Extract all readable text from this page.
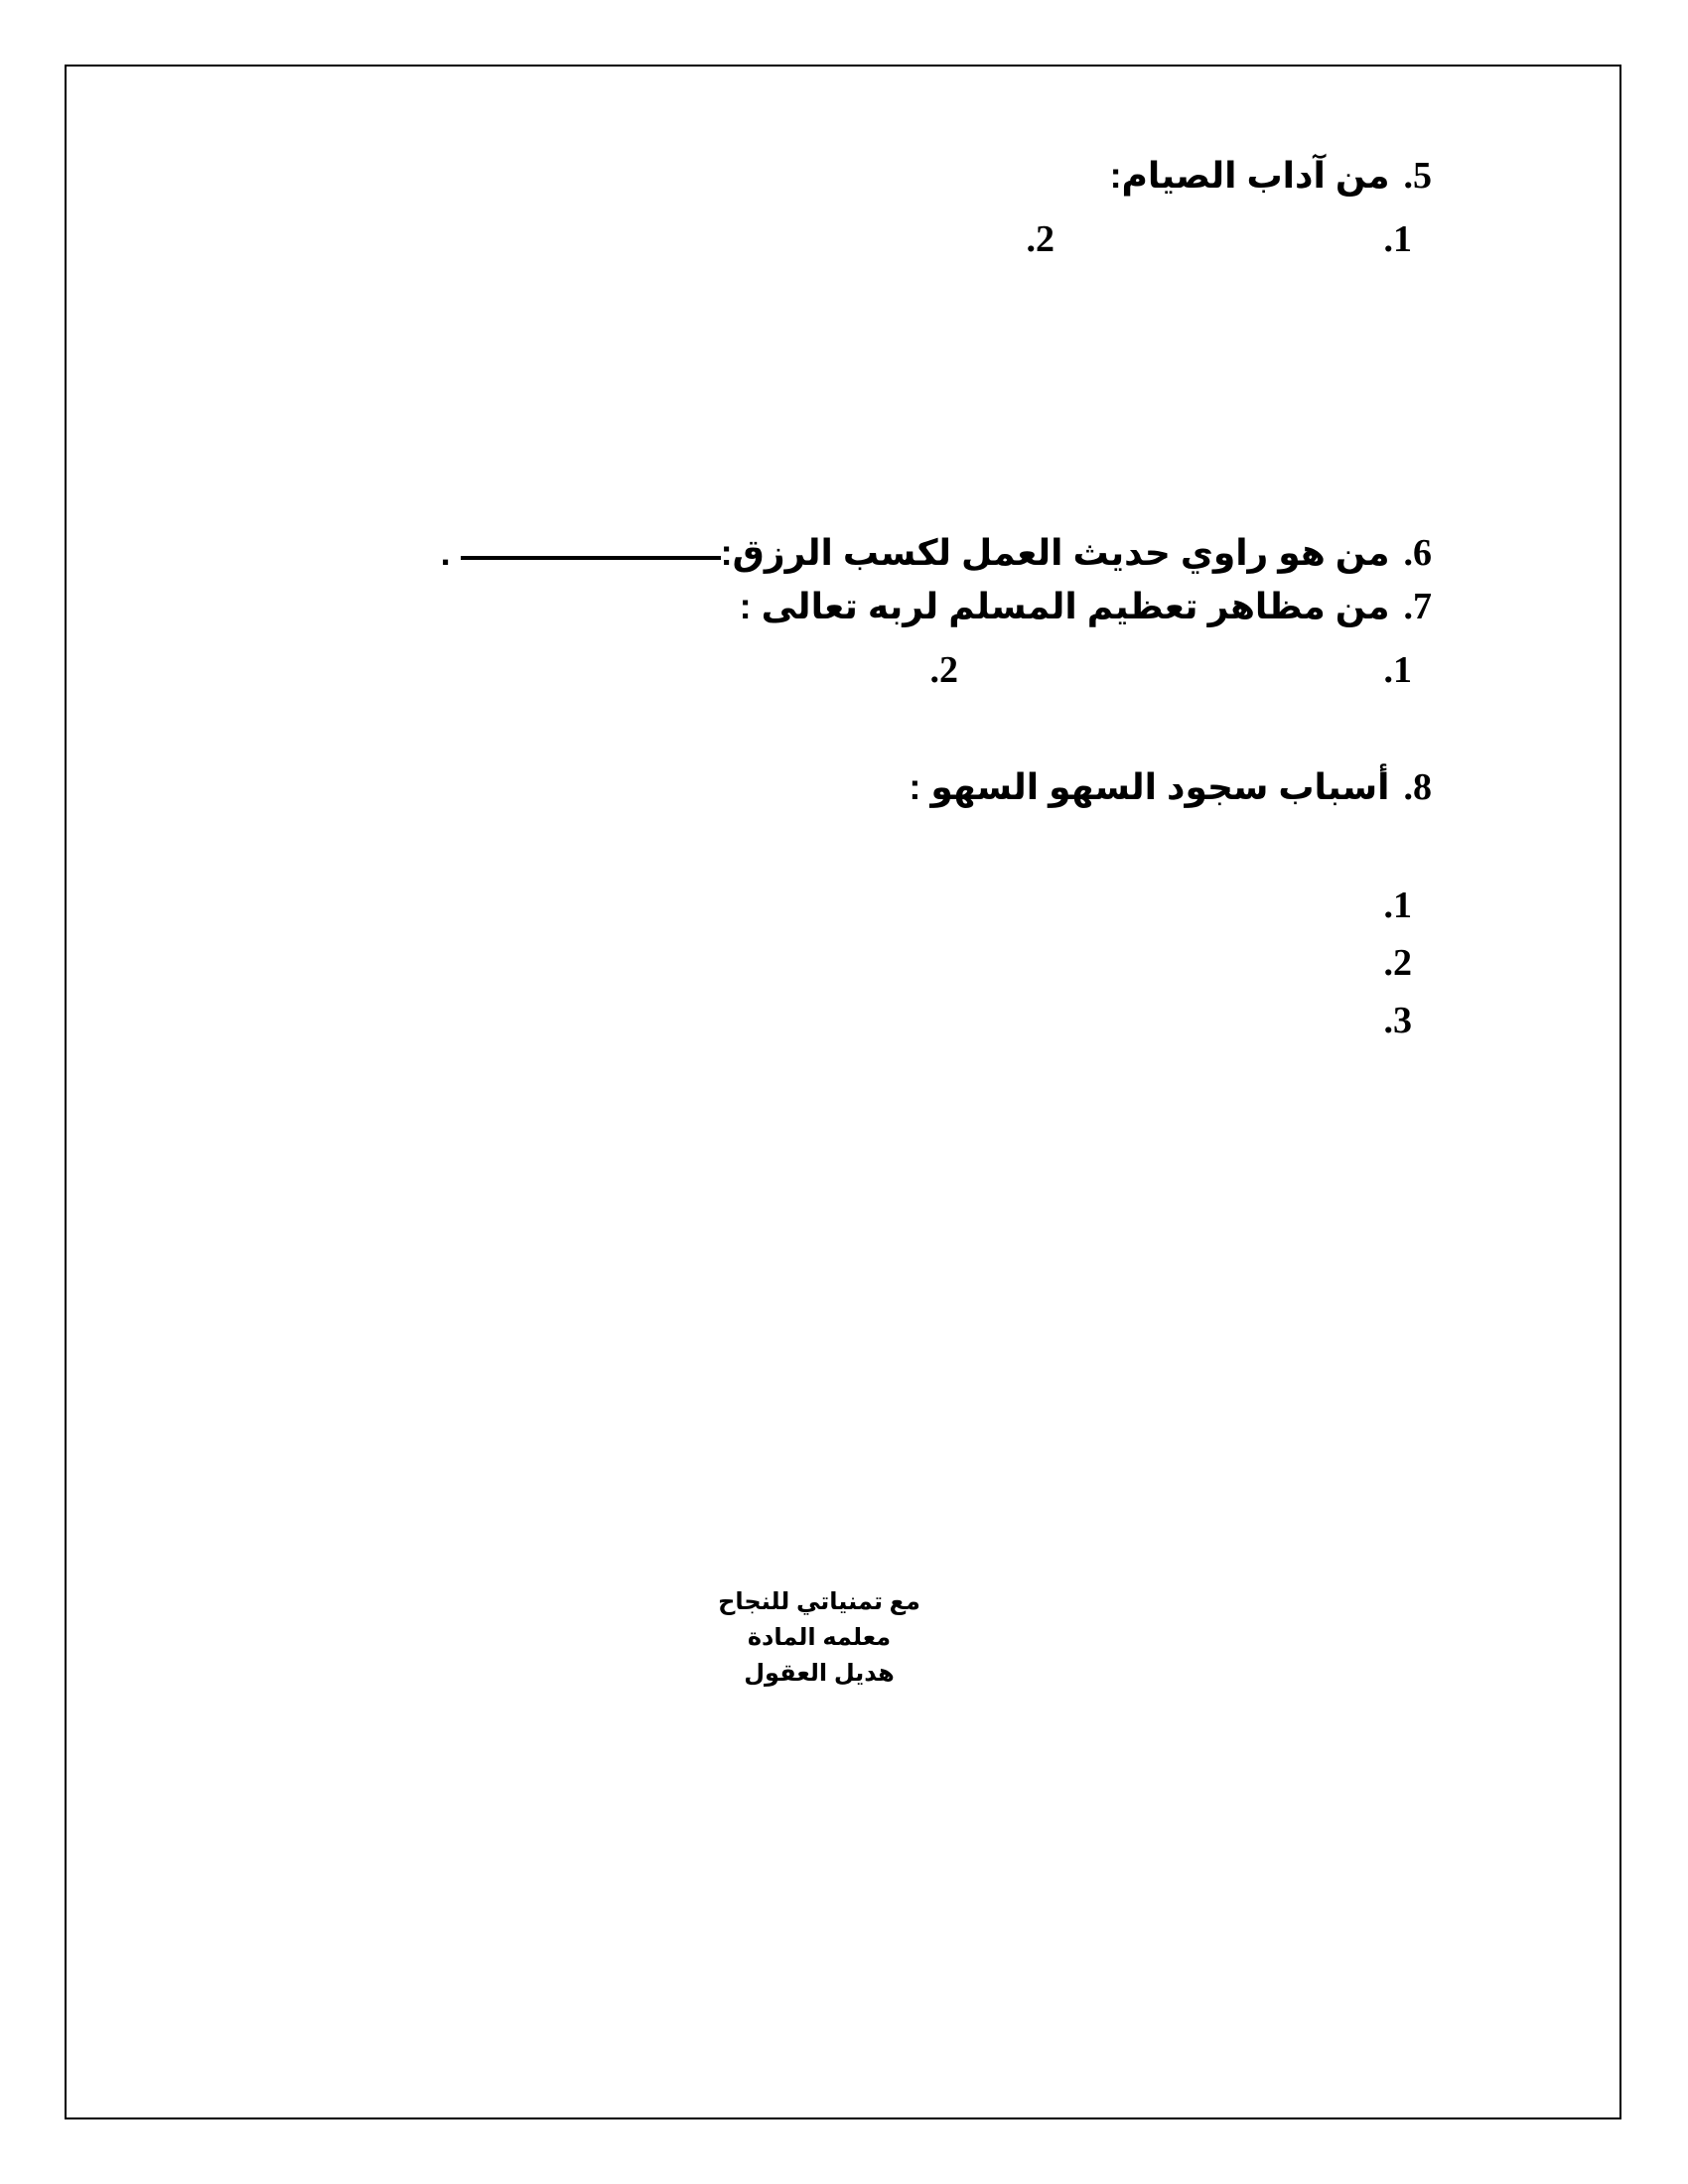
5.من آداب الصيام:
1.
2.
6.من هو راوي حديث العمل لكسب الرزق: .
7.من مظاهر تعظيم المسلم لربه تعالى :
1.
2.
8.أسباب سجود السهو السهو :
1.
2.
3.
مع تمنياتي للنجاح
معلمه المادة
هديل العقول
